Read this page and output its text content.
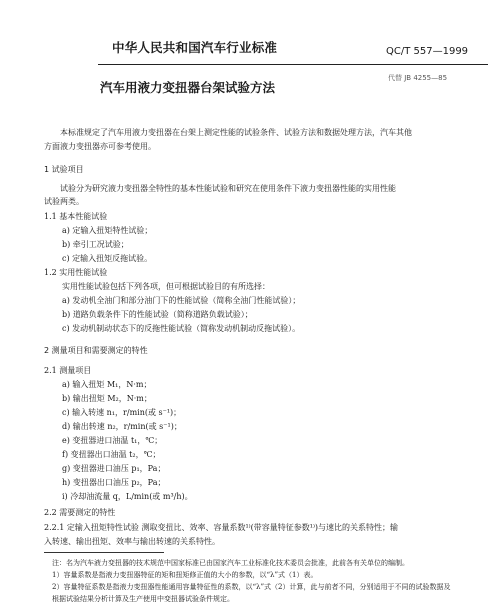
中华人民共和国汽车行业标准	QC/T 557—1999
代替 JB 4255—85
汽车用液力变扭器台架试验方法
本标准规定了汽车用液力变扭器在台架上测定性能的试验条件、试验方法和数据处理方法，汽车其他
方面液力变扭器亦可参考使用。
1 试验项目
试验分为研究液力变扭器全特性的基本性能试验和研究在使用条件下液力变扭器性能的实用性能
试验两类。
1.1 基本性能试验
a) 定输入扭矩特性试验；
b) 牵引工况试验；
c) 定输入扭矩反拖试验。
1.2 实用性能试验
实用性能试验包括下列各项，但可根据试验目的有所选择：
a) 发动机全油门和部分油门下的性能试验（简称全油门性能试验）；
b) 道路负载条件下的性能试验（简称道路负载试验）；
c) 发动机制动状态下的反拖性能试验（简称发动机制动反拖试验）。
2 测量项目和需要测定的特性
2.1 测量项目
a) 输入扭矩 M₁，N·m；
b) 输出扭矩 M₂，N·m；
c) 输入转速 n₁，r/min(或 s⁻¹)；
d) 输出转速 n₂，r/min(或 s⁻¹)；
e) 变扭器进口油温 t₁，℃；
f) 变扭器出口油温 t₂，℃；
g) 变扭器进口油压 p₁，Pa；
h) 变扭器出口油压 p₂，Pa；
i) 冷却油流量 q，L/min(或 m³/h)。
2.2 需要测定的特性
2.2.1 定输入扭矩特性试验 测取变扭比、效率、容量系数¹⁾(带容量特征参数¹⁾)与速比的关系特性；输
入转速、输出扭矩、效率与输出转速的关系特性。
注：名为汽车液力变扭器的技术规范中国家标准已由国家汽车工业标准化技术委员会批准，此前各有关单位的编制。
1）容量系数是指液力变扭器特征的矩和扭矩修正值的大小的参数，以“λ”式（1）表。
2）容量特征系数是指液力变扭器性能通用容量特征性的系数，以“λ”式（2）计算，此与前者不同，分别适用于不同的试验数据及
根据试验结果分析计算及生产使用中变扭器试验条件规定。
